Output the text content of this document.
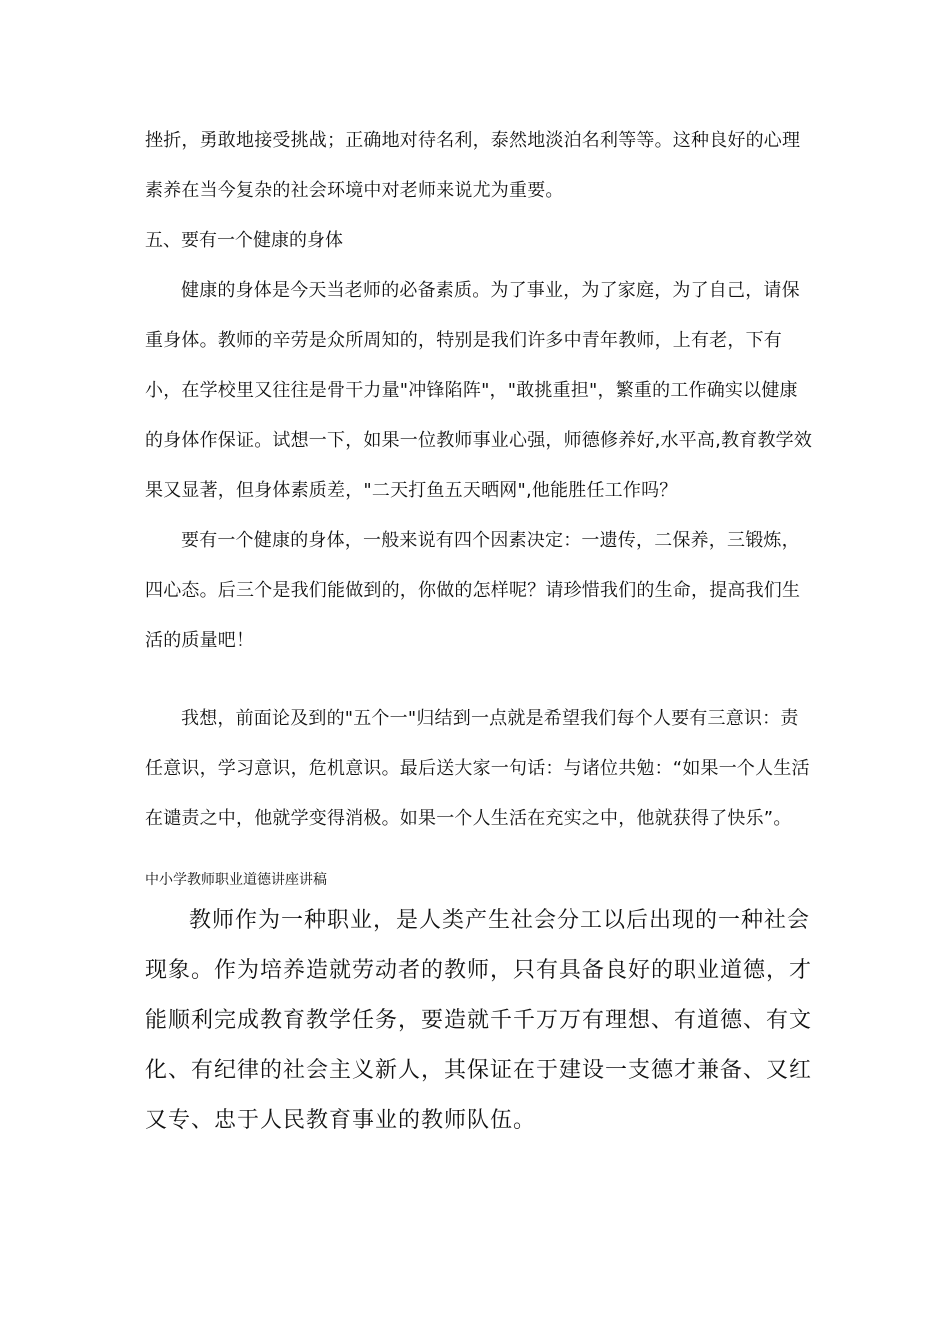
挫折，勇敢地接受挑战；正确地对待名利，泰然地淡泊名利等等。这种良好的心理素养在当今复杂的社会环境中对老师来说尤为重要。

五、要有一个健康的身体

健康的身体是今天当老师的必备素质。为了事业，为了家庭，为了自己，请保重身体。教师的辛劳是众所周知的，特别是我们许多中青年教师，上有老，下有小，在学校里又往往是骨干力量"冲锋陷阵"，"敢挑重担"，繁重的工作确实以健康的身体作保证。试想一下，如果一位教师事业心强，师德修养好,水平高,教育教学效果又显著，但身体素质差，"二天打鱼五天晒网",他能胜任工作吗？

要有一个健康的身体，一般来说有四个因素决定：一遗传，二保养，三锻炼，四心态。后三个是我们能做到的，你做的怎样呢？请珍惜我们的生命，提高我们生活的质量吧！

我想，前面论及到的"五个一"归结到一点就是希望我们每个人要有三意识：责任意识，学习意识，危机意识。最后送大家一句话：与诸位共勉：“如果一个人生活在谴责之中，他就学变得消极。如果一个人生活在充实之中，他就获得了快乐”。

中小学教师职业道德讲座讲稿

教师作为一种职业，是人类产生社会分工以后出现的一种社会现象。作为培养造就劳动者的教师，只有具备良好的职业道德，才能顺利完成教育教学任务，要造就千千万万有理想、有道德、有文化、有纪律的社会主义新人，其保证在于建设一支德才兼备、又红又专、忠于人民教育事业的教师队伍。
